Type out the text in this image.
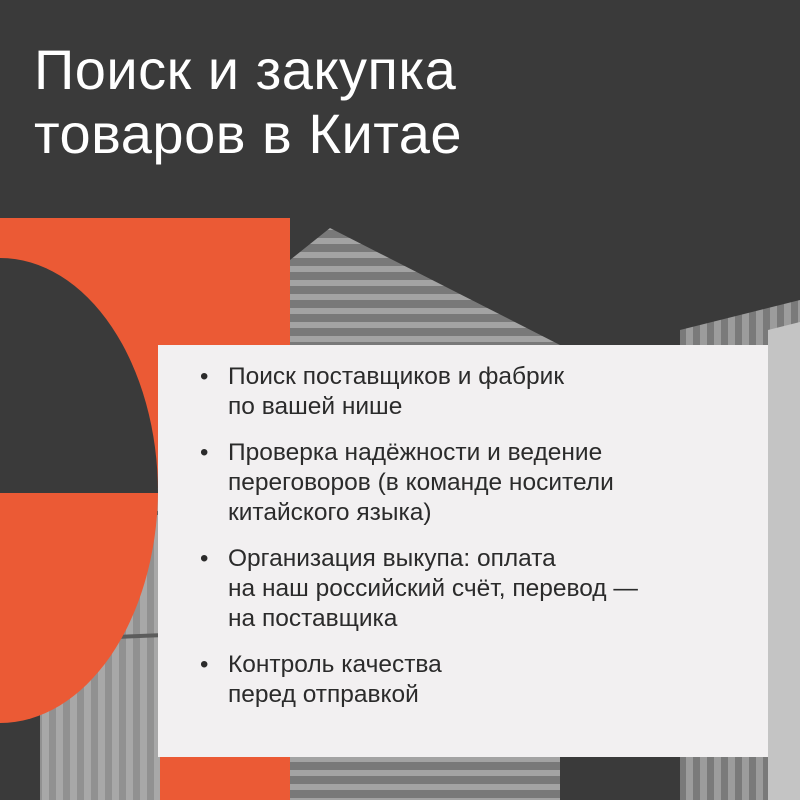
Поиск и закупка
товаров в Китае
• Поиск поставщиков и фабрик
по вашей нише
• Проверка надёжности и ведение
переговоров (в команде носители
китайского языка)
• Организация выкупа: оплата
на наш российский счёт, перевод —
на поставщика
• Контроль качества
перед отправкой
